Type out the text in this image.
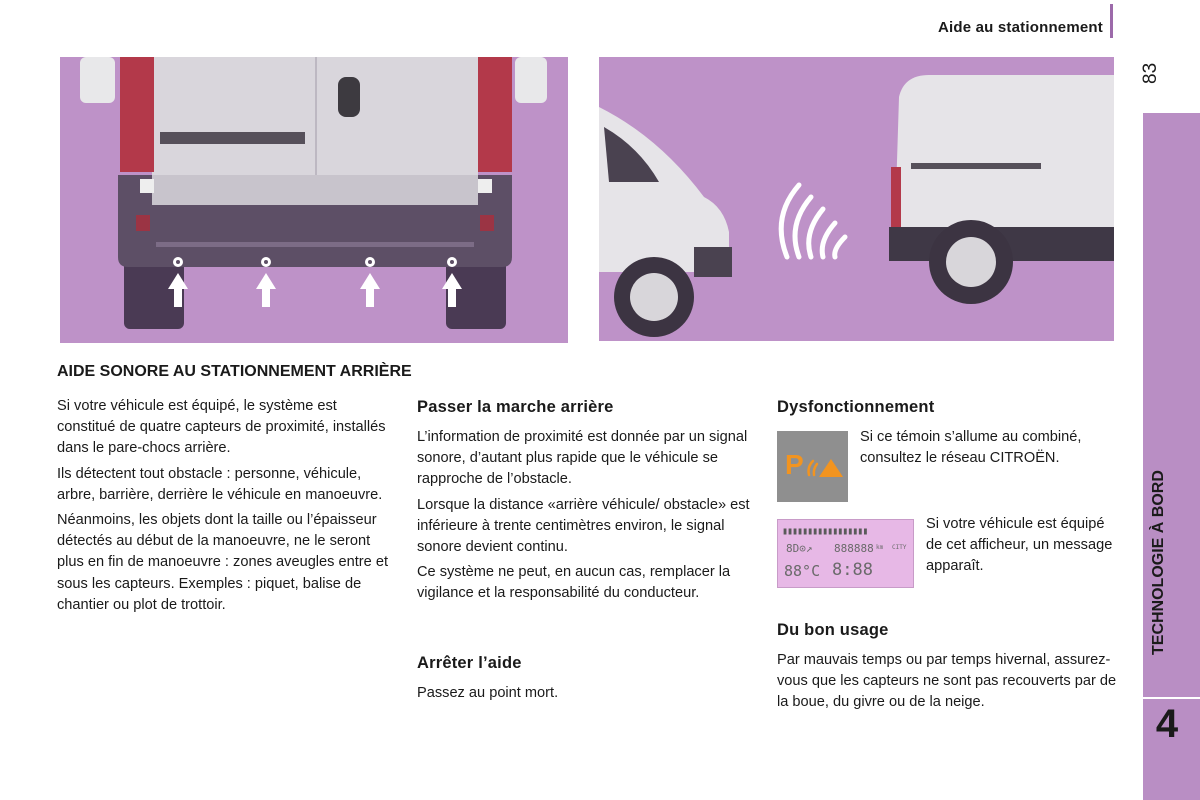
Aide au stationnement
83
TECHNOLOGIE À BORD
4
AIDE SONORE AU STATIONNEMENT ARRIÈRE

Si votre véhicule est équipé, le système est constitué de quatre capteurs de proximité, installés dans le pare-chocs arrière.

Ils détectent tout obstacle : personne, véhicule, arbre, barrière, derrière le véhicule en manoeuvre.

Néanmoins, les objets dont la taille ou l’épaisseur détectés au début de la manoeuvre, ne le seront plus en fin de manoeuvre : zones aveugles entre et sous les capteurs. Exemples : piquet, balise de chantier ou plot de trottoir.

Passer la marche arrière

L’information de proximité est donnée par un signal sonore, d’autant plus rapide que le véhicule se rapproche de l’obstacle.

Lorsque la distance «arrière véhicule/ obstacle» est inférieure à trente centimètres environ, le signal sonore devient continu.

Ce système ne peut, en aucun cas, remplacer la vigilance et la responsabilité du conducteur.

Arrêter l’aide
Passez au point mort.
Dysfonctionnement
P
Si ce témoin s’allume au combiné, consultez le réseau CITROËN.
▮▮▮▮▮▮▮▮▮▮▮▮▮▮▮▮▮
8D⊙↗ 888888 km CITY
88°C 8:88
Si votre véhicule est équipé de cet afficheur, un message apparaît.
Du bon usage
Par mauvais temps ou par temps hivernal, assurez-vous que les capteurs ne sont pas recouverts par de la boue, du givre ou de la neige.
